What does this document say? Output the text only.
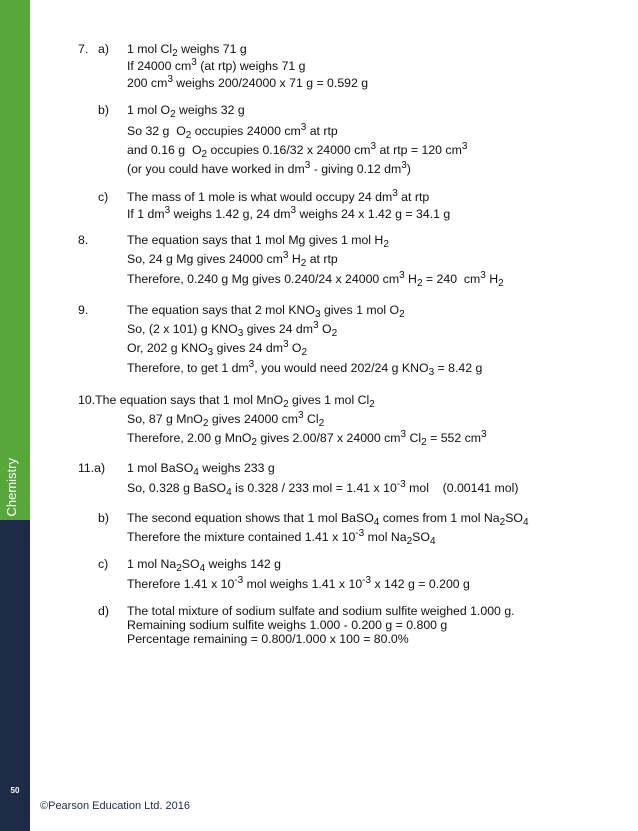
Chemistry
50
©Pearson Education Ltd. 2016
7. a) 1 mol $Cl_2$ weighs 71 g
If 24000 $cm^3$ (at rtp) weighs 71 g
200 $cm^3$ weighs 200/24000 x 71 g = 0.592 g
b) 1 mol $O_2$ weighs 32 g
So 32 g  $O_2$ occupies 24000 $cm^3$ at rtp
and 0.16 g  $O_2$ occupies 0.16/32 x 24000 $cm^3$ at rtp = 120 $cm^3$
(or you could have worked in $dm^3$ - giving 0.12 $dm^3$)
c) The mass of 1 mole is what would occupy 24 $dm^3$ at rtp
If 1 $dm^3$ weighs 1.42 g, 24 $dm^3$ weighs 24 x 1.42 g = 34.1 g
8.	The equation says that 1 mol Mg gives 1 mol $H_2$
So, 24 g Mg gives 24000 $cm^3$ $H_2$ at rtp
Therefore, 0.240 g Mg gives 0.240/24 x 24000 $cm^3$ $H_2 = 240$  $cm^3$ $H_2$
9.	The equation says that 2 mol $KNO_3$ gives 1 mol $O_2$
So, (2 x 101) g $KNO_3$ gives 24 $dm^3$ $O_2$
Or, 202 g $KNO_3$ gives 24 $dm^3$ $O_2$
Therefore, to get 1 $dm^3$, you would need 202/24 g $KNO_3 = 8.42$ g
10.The equation says that 1 mol MnO$_2$ gives 1 mol $Cl_2$
So, 87 g MnO$_2$ gives 24000 $cm^3$ $Cl_2$
Therefore, 2.00 g MnO$_2$ gives 2.00/87 x 24000 $cm^3$ $Cl_2 = 552$ $cm^3$
11.a) 1 mol BaSO$_4$ weighs 233 g
So, 0.328 g BaSO$_4$ is 0.328 / 233 mol = 1.41 x $10^{-3}$ mol    (0.00141 mol)
b) The second equation shows that 1 mol BaSO$_4$ comes from 1 mol $Na_2SO_4$
Therefore the mixture contained 1.41 x $10^{-3}$ mol $Na_2SO_4$
c) 1 mol $Na_2SO_4$ weighs 142 g
Therefore 1.41 x $10^{-3}$ mol weighs 1.41 x $10^{-3}$ x 142 g = 0.200 g
d) The total mixture of sodium sulfate and sodium sulfite weighed 1.000 g.
Remaining sodium sulfite weighs 1.000 - 0.200 g = 0.800 g
Percentage remaining = 0.800/1.000 x 100 = 80.0%
